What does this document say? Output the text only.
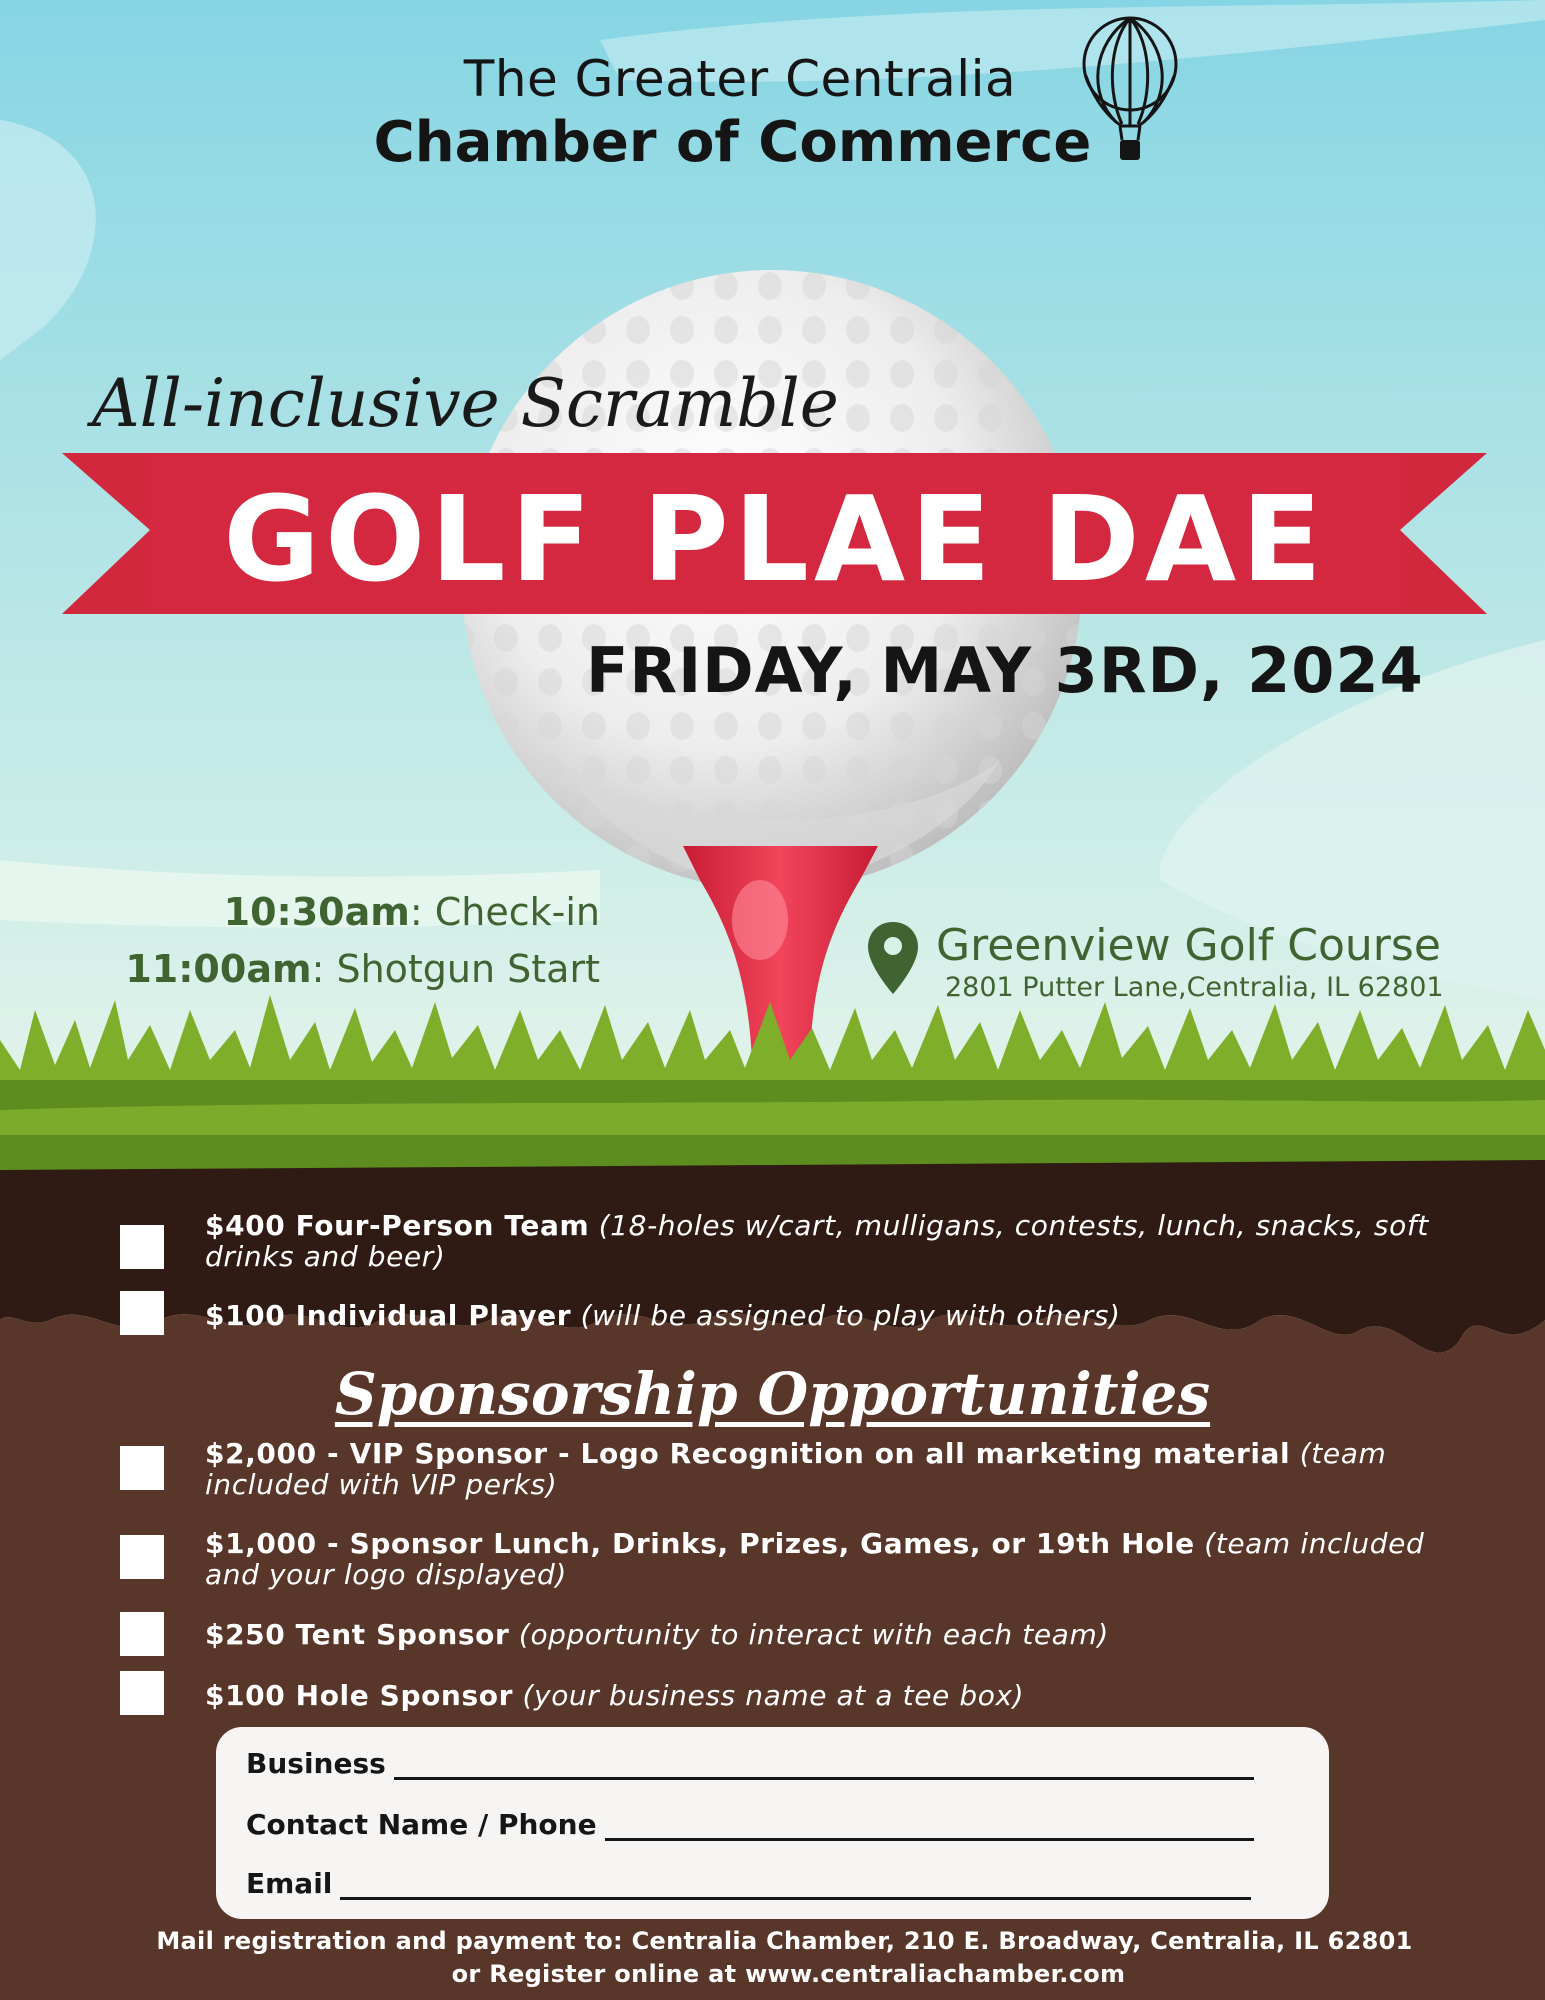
The Greater Centralia
Chamber of Commerce
All-inclusive Scramble
GOLF PLAE DAE
FRIDAY, MAY 3RD, 2024
10:30am: Check-in
11:00am: Shotgun Start	Greenview Golf Course
2801 Putter Lane,Centralia, IL 62801
$400 Four-Person Team (18-holes w/cart, mulligans, contests, lunch, snacks, soft drinks and beer)
$100 Individual Player (will be assigned to play with others)
Sponsorship Opportunities
$2,000 - VIP Sponsor - Logo Recognition on all marketing material (team included with VIP perks)
$1,000 - Sponsor Lunch, Drinks, Prizes, Games, or 19th Hole (team included and your logo displayed)
$250 Tent Sponsor (opportunity to interact with each team)
$100 Hole Sponsor (your business name at a tee box)
Business
Contact Name / Phone
Email
Mail registration and payment to: Centralia Chamber, 210 E. Broadway, Centralia, IL 62801
or Register online at www.centraliachamber.com
